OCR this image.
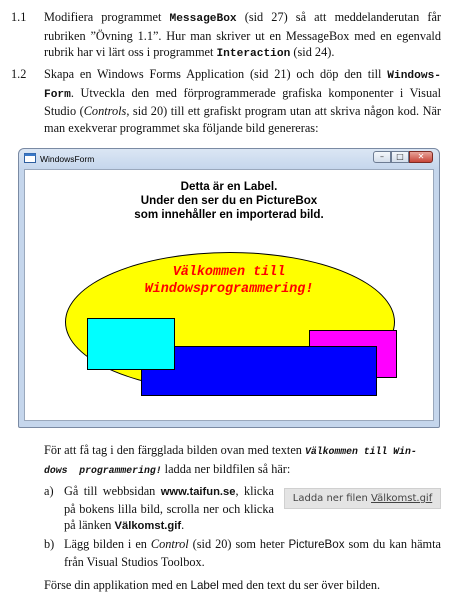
1.1 Modifiera programmet MessageBox (sid 27) så att meddelanderutan får rubriken ”Övning 1.1”. Hur man skriver ut en MessageBox med en egenvald rubrik har vi lärt oss i programmet Interaction (sid 24).
1.2 Skapa en Windows Forms Application (sid 21) och döp den till Windows- Form. Utveckla den med förprogrammerade grafiska komponenter i Visual Studio (Controls, sid 20) till ett grafiskt program utan att skriva någon kod. När man exekverar programmet ska följande bild genereras:
WindowsForm	–	□	✕
Detta är en Label.
Under den ser du en PictureBox
som innehåller en importerad bild.
Välkommen till
Windowsprogrammering!
För att få tag i den färgglada bilden ovan med texten Välkommen till Win-
dows  programmering! ladda ner bildfilen så här:
a) Gå till webbsidan www.taifun.se, klicka på bokens lilla bild, scrolla ner och klicka på länken Välkomst.gif.
Ladda ner filen Välkomst.gif
b) Lägg bilden i en Control (sid 20) som heter PictureBox som du kan hämta från Visual Studios Toolbox.
Förse din applikation med en Label med den text du ser över bilden.
